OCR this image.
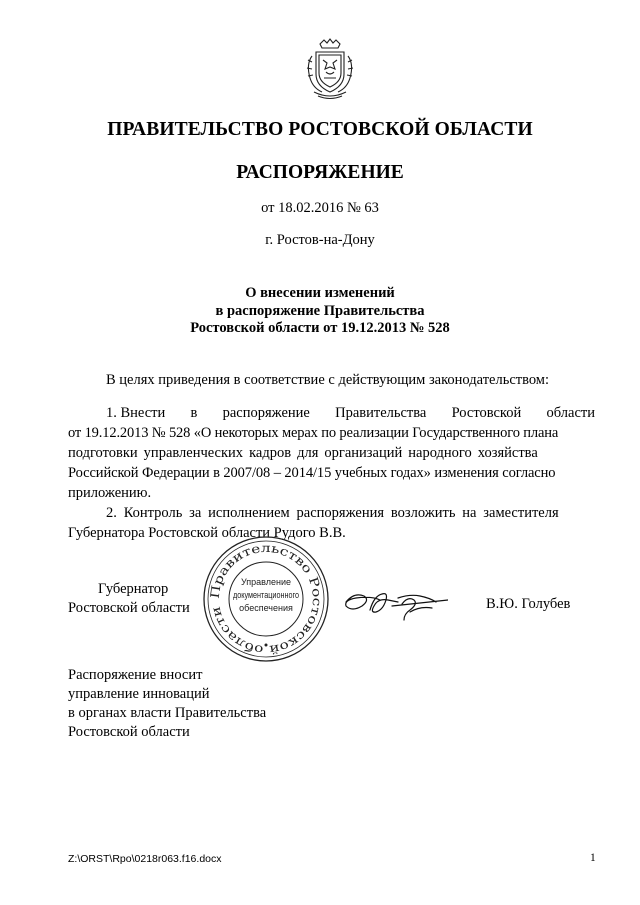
ПРАВИТЕЛЬСТВО РОСТОВСКОЙ ОБЛАСТИ
РАСПОРЯЖЕНИЕ
от 18.02.2016 № 63
г. Ростов-на-Дону
О внесении изменений
в распоряжение Правительства
Ростовской области от 19.12.2013 № 528

В целях приведения в соответствие с действующим законодательством:

1. Внести в распоряжение Правительства Ростовской области
от 19.12.2013 № 528 «О некоторых мерах по реализации Государственного плана
подготовки управленческих кадров для организаций народного хозяйства
Российской Федерации в 2007/08 – 2014/15 учебных годах» изменения согласно
приложению.
2. Контроль за исполнением распоряжения возложить на заместителя
Губернатора Ростовской области Рудого В.В.
Губернатор
Ростовской области
Правительство Ростовской области
Управление
документационного
обеспечения	В.Ю. Голубев
Распоряжение вносит
управление инноваций
в органах власти Правительства
Ростовской области
Z:\ORST\Rpo\0218r063.f16.docx	1
